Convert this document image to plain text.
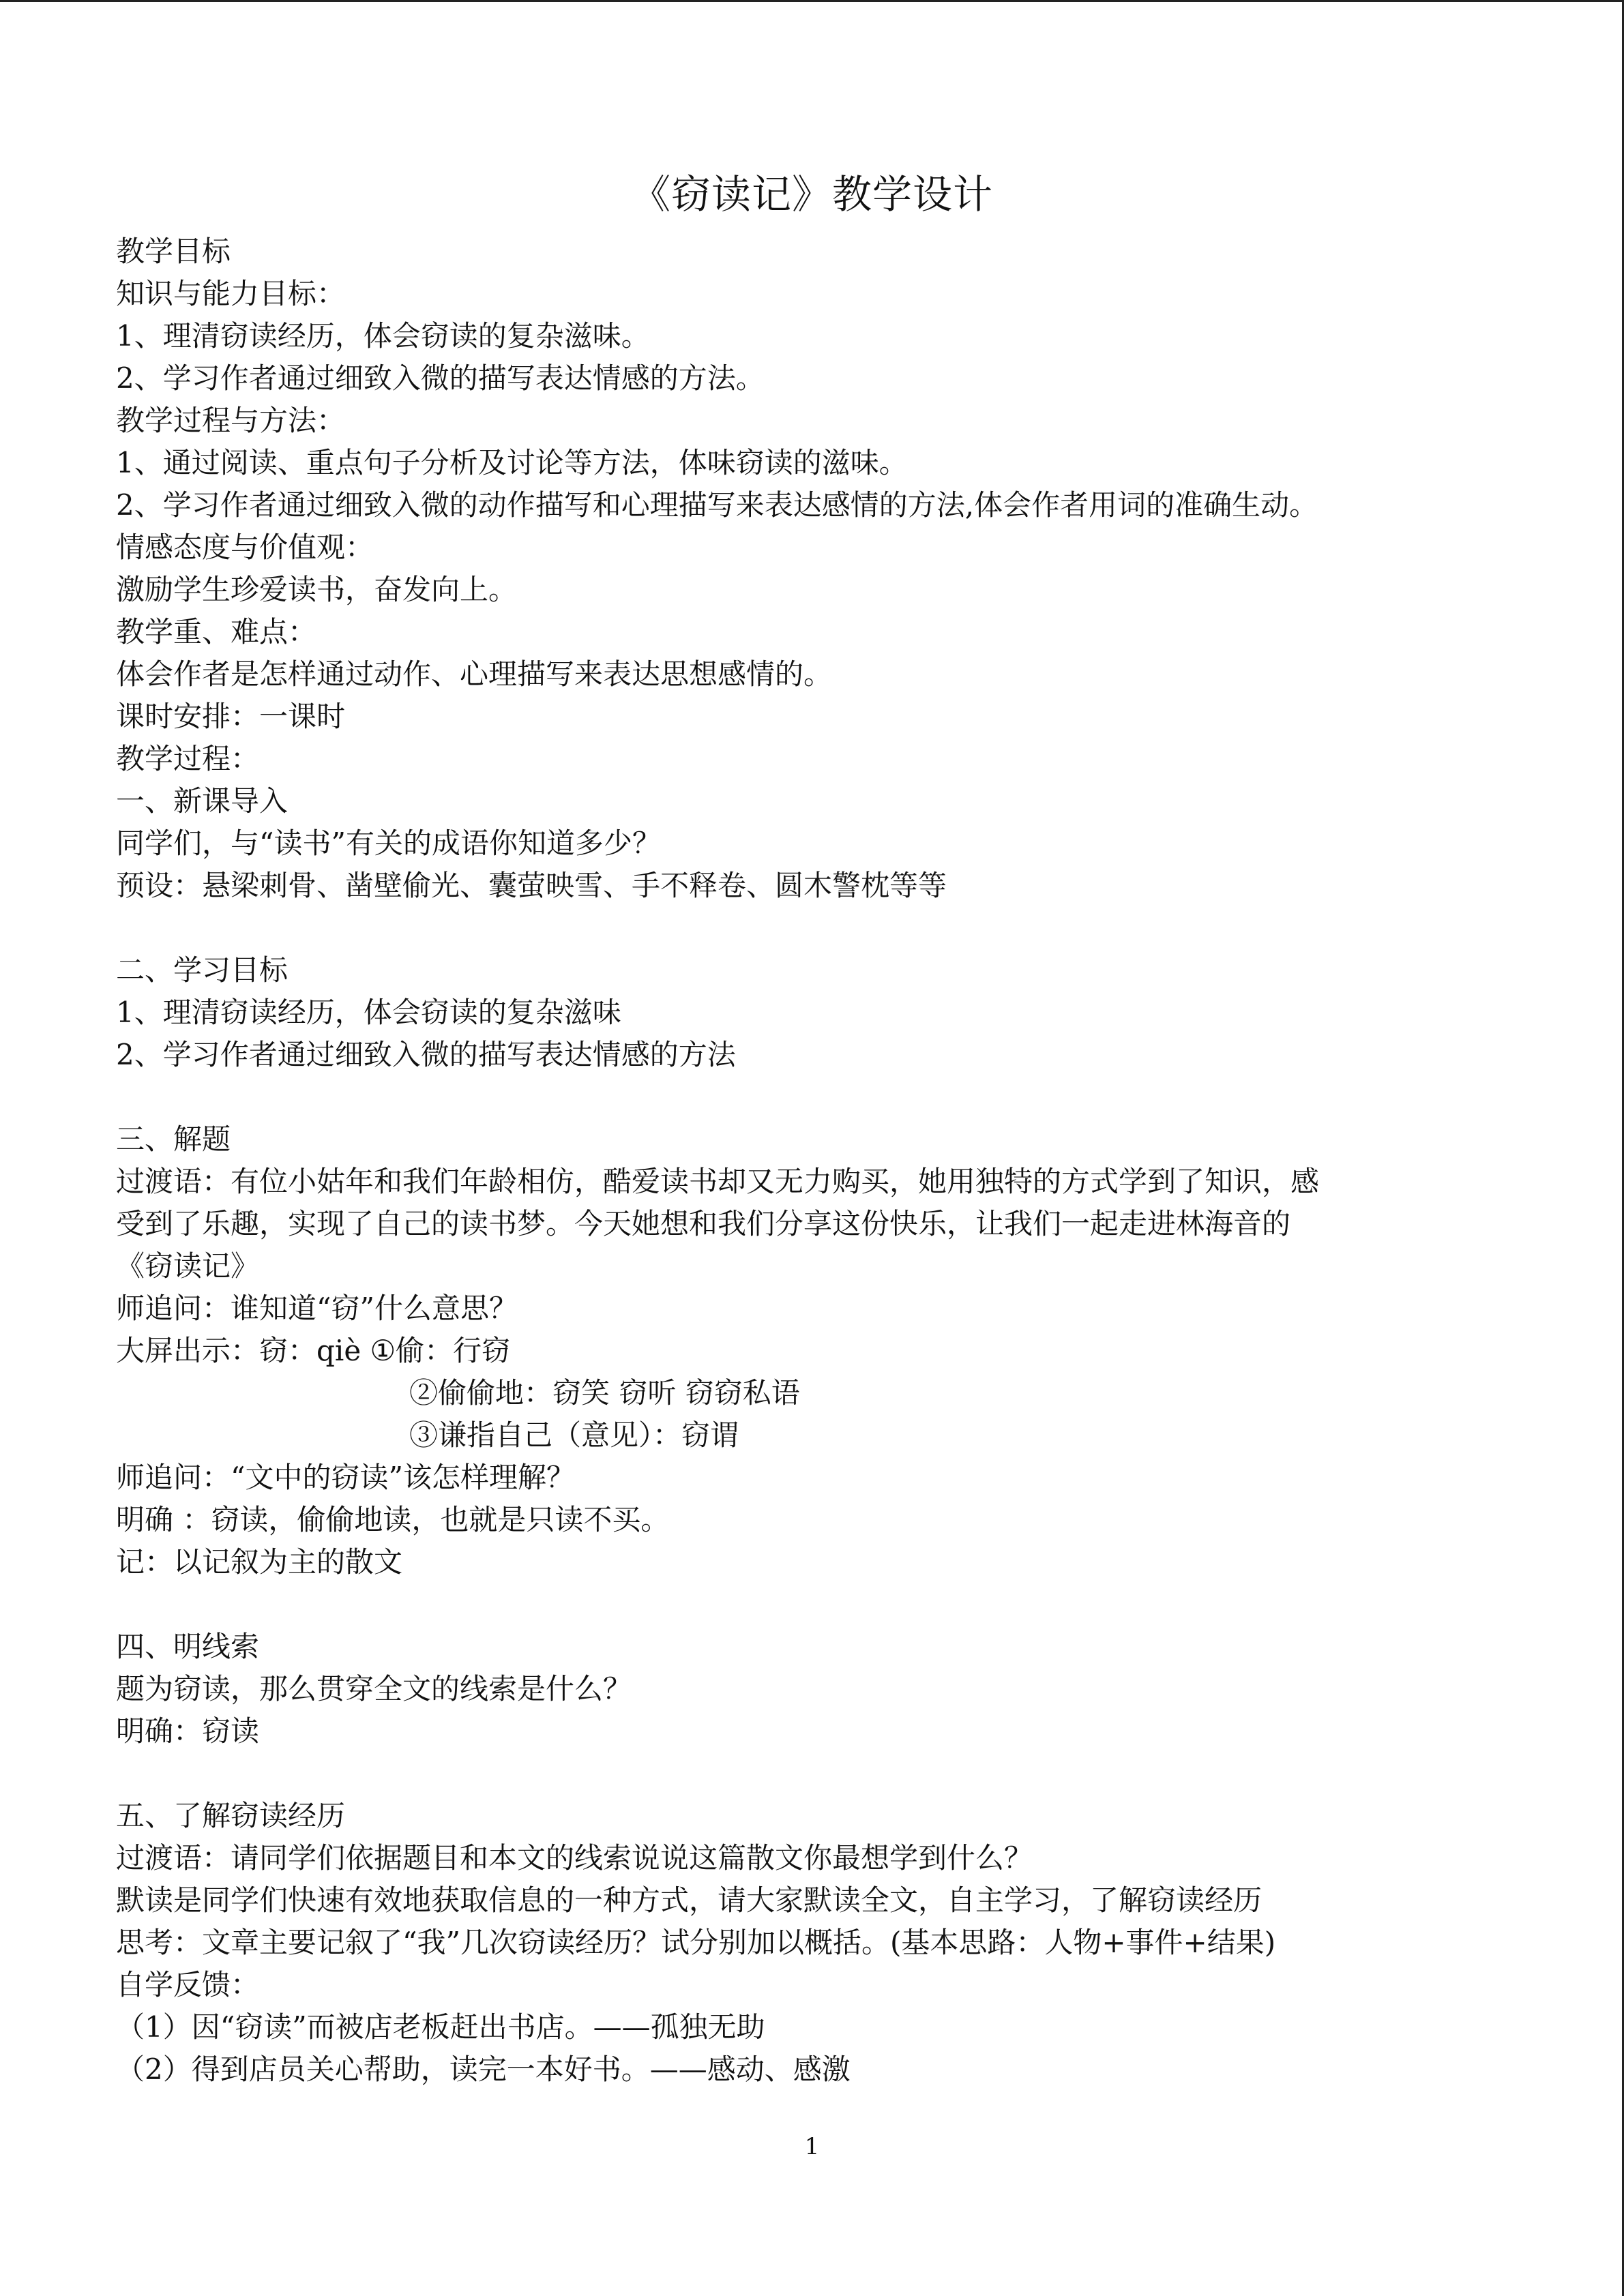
《窃读记》教学设计
教学目标
知识与能力目标：
1、理清窃读经历，体会窃读的复杂滋味。
2、学习作者通过细致入微的描写表达情感的方法。
教学过程与方法：
1、通过阅读、重点句子分析及讨论等方法，体味窃读的滋味。
2、学习作者通过细致入微的动作描写和心理描写来表达感情的方法,体会作者用词的准确生动。
情感态度与价值观：
激励学生珍爱读书，奋发向上。
教学重、难点：
体会作者是怎样通过动作、心理描写来表达思想感情的。
课时安排：一课时
教学过程：
一、新课导入
同学们，与“读书”有关的成语你知道多少？
预设：悬梁刺骨、凿壁偷光、囊萤映雪、手不释卷、圆木警枕等等
二、学习目标
1、理清窃读经历，体会窃读的复杂滋味
2、学习作者通过细致入微的描写表达情感的方法
三、解题
过渡语：有位小姑年和我们年龄相仿，酷爱读书却又无力购买，她用独特的方式学到了知识，感
受到了乐趣，实现了自己的读书梦。今天她想和我们分享这份快乐，让我们一起走进林海音的
《窃读记》
师追问：谁知道“窃”什么意思？
大屏出示：窃：qiè ①偷：行窃
②偷偷地：窃笑 窃听 窃窃私语
③谦指自己（意见）：窃谓
师追问：“文中的窃读”该怎样理解？
明确 ：窃读，偷偷地读，也就是只读不买。
记：以记叙为主的散文
四、明线索
题为窃读，那么贯穿全文的线索是什么？
明确：窃读
五、了解窃读经历
过渡语：请同学们依据题目和本文的线索说说这篇散文你最想学到什么？
默读是同学们快速有效地获取信息的一种方式，请大家默读全文，自主学习，了解窃读经历
思考：文章主要记叙了“我”几次窃读经历？试分别加以概括。(基本思路：人物+事件+结果)
自学反馈：
（1）因“窃读”而被店老板赶出书店。——孤独无助
（2）得到店员关心帮助，读完一本好书。——感动、感激
1
